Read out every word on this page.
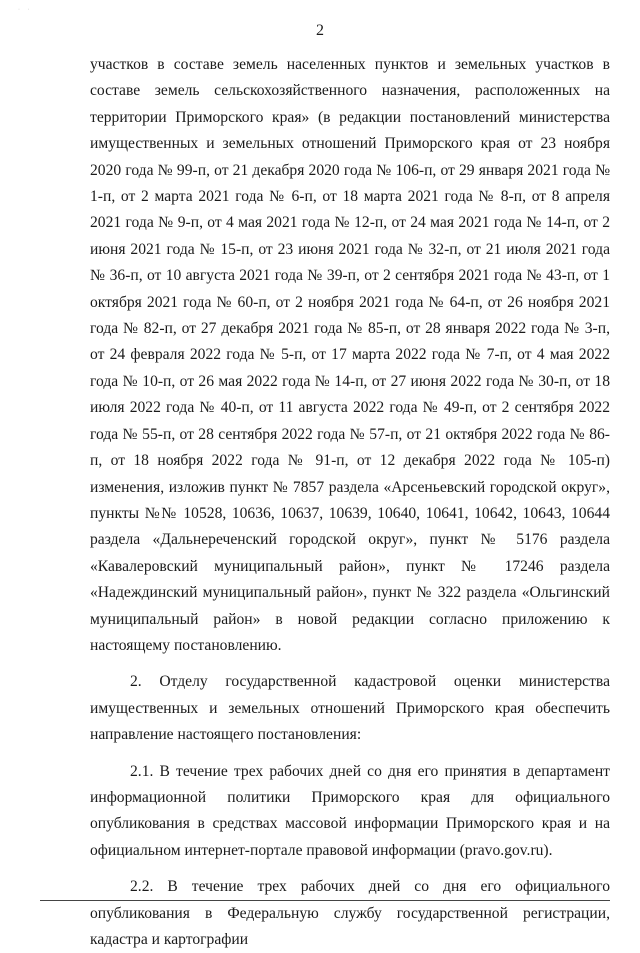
· ·
2

участков в составе земель населенных пунктов и земельных участков в составе земель сельскохозяйственного назначения, расположенных на территории Приморского края» (в редакции постановлений министерства имущественных и земельных отношений Приморского края от 23 ноября 2020 года № 99-п, от 21 декабря 2020 года № 106-п, от 29 января 2021 года № 1-п, от 2 марта 2021 года № 6-п, от 18 марта 2021 года № 8-п, от 8 апреля 2021 года № 9-п, от 4 мая 2021 года № 12-п, от 24 мая 2021 года № 14-п, от 2 июня 2021 года № 15-п, от 23 июня 2021 года № 32-п, от 21 июля 2021 года № 36-п, от 10 августа 2021 года № 39-п, от 2 сентября 2021 года № 43-п, от 1 октября 2021 года № 60-п, от 2 ноября 2021 года № 64-п, от 26 ноября 2021 года № 82-п, от 27 декабря 2021 года № 85-п, от 28 января 2022 года № 3-п, от 24 февраля 2022 года № 5-п, от 17 марта 2022 года № 7-п, от 4 мая 2022 года № 10-п, от 26 мая 2022 года № 14-п, от 27 июня 2022 года № 30-п, от 18 июля 2022 года № 40-п, от 11 августа 2022 года № 49-п, от 2 сентября 2022 года № 55-п, от 28 сентября 2022 года № 57-п, от 21 октября 2022 года № 86-п, от 18 ноября 2022 года № 91-п, от 12 декабря 2022 года № 105-п) изменения, изложив пункт № 7857 раздела «Арсеньевский городской округ», пункты №№ 10528, 10636, 10637, 10639, 10640, 10641, 10642, 10643, 10644 раздела «Дальнереченский городской округ», пункт № 5176 раздела «Кавалеровский муниципальный район», пункт № 17246 раздела «Надеждинский муниципальный район», пункт № 322 раздела «Ольгинский муниципальный район» в новой редакции согласно приложению к настоящему постановлению.

2. Отделу государственной кадастровой оценки министерства имущественных и земельных отношений Приморского края обеспечить направление настоящего постановления:

2.1. В течение трех рабочих дней со дня его принятия в департамент информационной политики Приморского края для официального опубликования в средствах массовой информации Приморского края и на официальном интернет-портале правовой информации (pravo.gov.ru).

2.2. В течение трех рабочих дней со дня его официального опубликования в Федеральную службу государственной регистрации, кадастра и картографии
